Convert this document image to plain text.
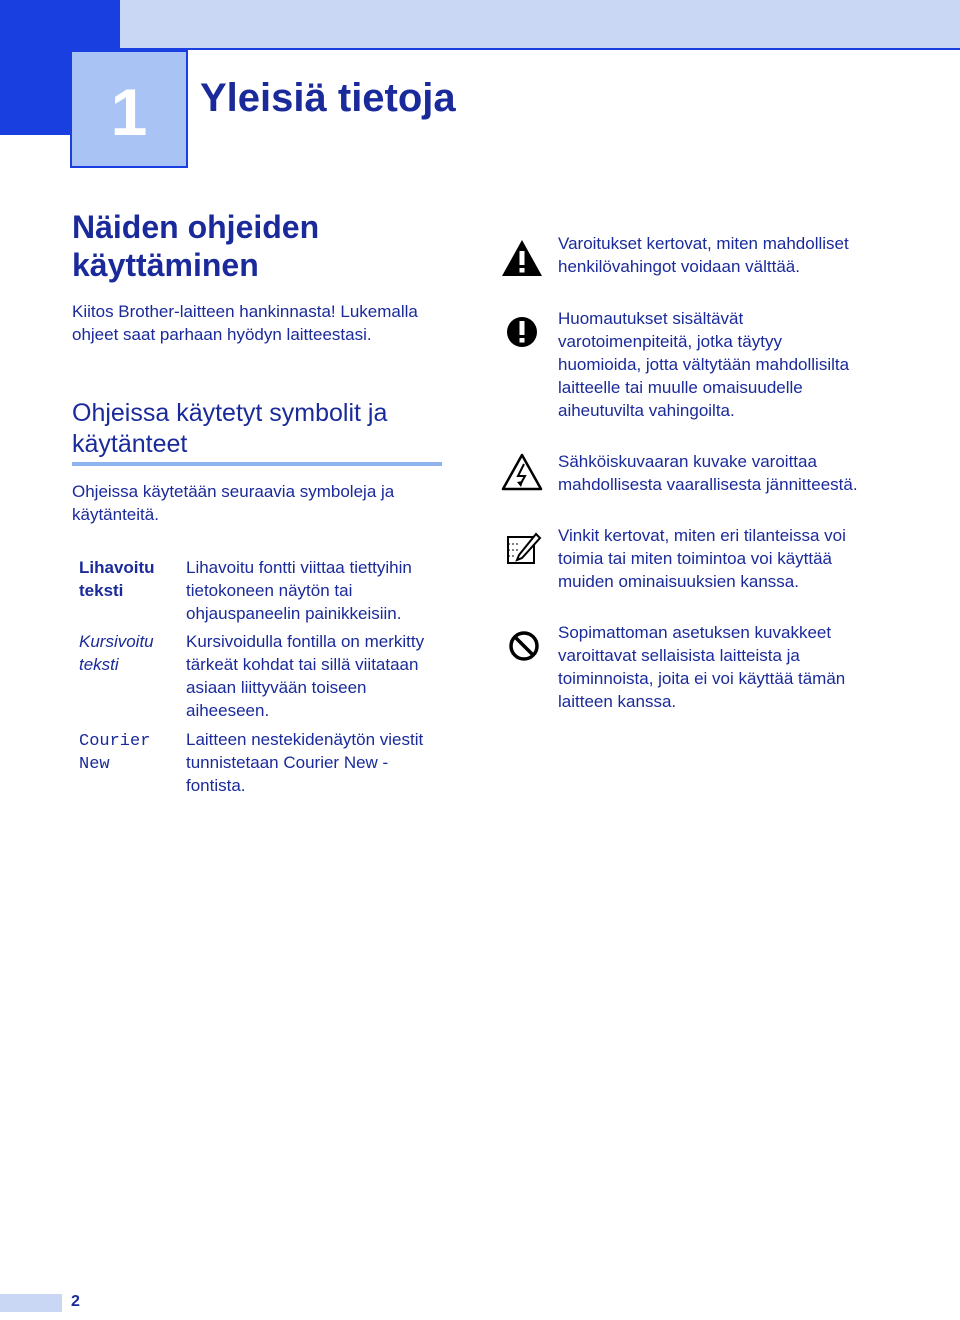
1 Yleisiä tietoja
Näiden ohjeiden
käyttäminen

Kiitos Brother-laitteen hankinnasta! Lukemalla ohjeet saat parhaan hyödyn laitteestasi.

Ohjeissa käytetyt symbolit ja
käytänteet

Ohjeissa käytetään seuraavia symboleja ja käytänteitä.

Lihavoitu
teksti
Lihavoitu fontti viittaa tiettyihin tietokoneen näytön tai ohjauspaneelin painikkeisiin.
Kursivoitu
teksti
Kursivoidulla fontilla on merkitty tärkeät kohdat tai sillä viitataan asiaan liittyvään toiseen aiheeseen.
Courier
New
Laitteen nestekidenäytön viestit tunnistetaan Courier New -fontista.
Varoitukset kertovat, miten mahdolliset henkilövahingot voidaan välttää.
Huomautukset sisältävät varotoimenpiteitä, jotka täytyy huomioida, jotta vältytään mahdollisilta laitteelle tai muulle omaisuudelle aiheutuvilta vahingoilta.
Sähköiskuvaaran kuvake varoittaa mahdollisesta vaarallisesta jännitteestä.
Vinkit kertovat, miten eri tilanteissa voi toimia tai miten toimintoa voi käyttää muiden ominaisuuksien kanssa.
Sopimattoman asetuksen kuvakkeet varoittavat sellaisista laitteista ja toiminnoista, joita ei voi käyttää tämän laitteen kanssa.
2
